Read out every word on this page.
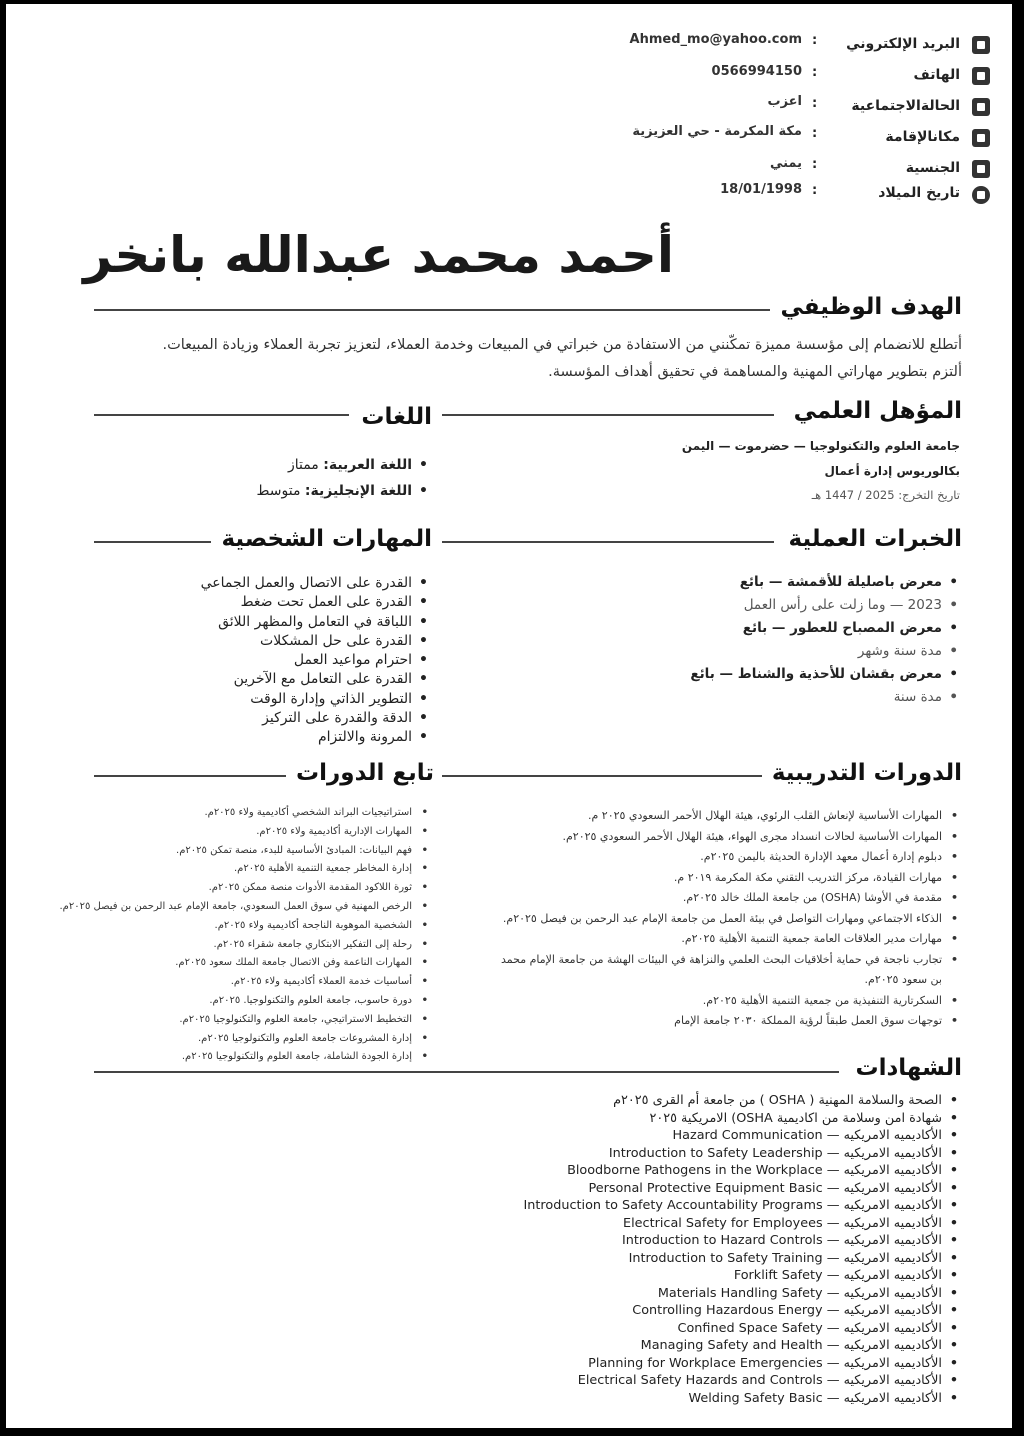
البريد الإلكتروني
:
Ahmed_mo@yahoo.com
الهاتف
:
0566994150
الحالةالاجتماعية
:
اعزب
مكانالإقامة
:
مكة المكرمة - حي العزيزية
الجنسية
:
يمني
تاريخ الميلاد
:
18/01/1998
أحمد محمد عبدالله بانخر
الهدف الوظيفي
أتطلع للانضمام إلى مؤسسة مميزة تمكّنني من الاستفادة من خبراتي في المبيعات وخدمة العملاء، لتعزيز تجربة العملاء وزيادة المبيعات. ألتزم بتطوير مهاراتي المهنية والمساهمة في تحقيق أهداف المؤسسة.
المؤهل العلمي
جامعة العلوم والتكنولوجيا — حضرموت — اليمن
بكالوريوس إدارة أعمال
تاريخ التخرج: 2025 / 1447 هـ
اللغات
• اللغة العربية: ممتاز
• اللغة الإنجليزية: متوسط
الخبرات العملية
• معرض باصليلة للأقمشة — بائع
• 2023 — وما زلت على رأس العمل
• معرض المصباح للعطور — بائع
• مدة سنة وشهر
• معرض بقشان للأحذية والشناط — بائع
• مدة سنة
المهارات الشخصية
• القدرة على الاتصال والعمل الجماعي
• القدرة على العمل تحت ضغط
• اللباقة في التعامل والمظهر اللائق
• القدرة على حل المشكلات
• احترام مواعيد العمل
• القدرة على التعامل مع الآخرين
• التطوير الذاتي وإدارة الوقت
• الدقة والقدرة على التركيز
• المرونة والالتزام
الدورات التدريبية
• المهارات الأساسية لإنعاش القلب الرئوي، هيئة الهلال الأحمر السعودي ٢٠٢٥ م.
• المهارات الأساسية لحالات انسداد مجرى الهواء، هيئة الهلال الأحمر السعودي ٢٠٢٥م.
• دبلوم إدارة أعمال معهد الإدارة الحديثة باليمن ٢٠٢٥م.
• مهارات القيادة، مركز التدريب التقني مكة المكرمة ٢٠١٩ م.
• مقدمة في الأوشا (OSHA) من جامعة الملك خالد ٢٠٢٥م.
• الذكاء الاجتماعي ومهارات التواصل في بيئة العمل من جامعة الإمام عبد الرحمن بن فيصل ٢٠٢٥م.
• مهارات مدير العلاقات العامة جمعية التنمية الأهلية ٢٠٢٥م.
• تجارب ناجحة في حماية أخلاقيات البحث العلمي والنزاهة في البيئات الهشة من جامعة الإمام محمد
بن سعود ٢٠٢٥م.
• السكرتارية التنفيذية من جمعية التنمية الأهلية ٢٠٢٥م.
• توجهات سوق العمل طبقاً لرؤية المملكة ٢٠٣٠ جامعة الإمام
تابع الدورات
• استراتيجيات البراند الشخصي أكاديمية ولاء ٢٠٢٥م.
• المهارات الإدارية أكاديمية ولاء ٢٠٢٥م.
• فهم البيانات: المبادئ الأساسية للبدء، منصة تمكن ٢٠٢٥م.
• إدارة المخاطر جمعية التنمية الأهلية ٢٠٢٥م.
• ثورة اللاكود المقدمة الأدوات منصة ممكن ٢٠٢٥م.
• الرخص المهنية في سوق العمل السعودي، جامعة الإمام عبد الرحمن بن فيصل ٢٠٢٥م.
• الشخصية الموهوبة الناجحة أكاديمية ولاء ٢٠٢٥م.
• رحلة إلى التفكير الابتكاري جامعة شقراء ٢٠٢٥م.
• المهارات الناعمة وفن الاتصال جامعة الملك سعود ٢٠٢٥م.
• أساسيات خدمة العملاء أكاديمية ولاء ٢٠٢٥م.
• دورة حاسوب، جامعة العلوم والتكنولوجيا. ٢٠٢٥م.
• التخطيط الاستراتيجي، جامعة العلوم والتكنولوجيا ٢٠٢٥م.
• إدارة المشروعات جامعة العلوم والتكنولوجيا ٢٠٢٥م.
• إدارة الجودة الشاملة، جامعة العلوم والتكنولوجيا ٢٠٢٥م.	الشهادات
• الصحة والسلامة المهنية ( OSHA ) من جامعة أم القرى ٢٠٢٥م
• شهادة امن وسلامة من اكاديمية OSHA) الامريكية ٢٠٢٥
• الأكاديميه الامريكيه — Hazard Communication
• الأكاديميه الامريكيه — Introduction to Safety Leadership
• الأكاديميه الامريكيه — Bloodborne Pathogens in the Workplace
• الأكاديميه الامريكيه — Personal Protective Equipment Basic
• الأكاديميه الامريكيه — Introduction to Safety Accountability Programs
• الأكاديميه الامريكيه — Electrical Safety for Employees
• الأكاديميه الامريكيه — Introduction to Hazard Controls
• الأكاديميه الامريكيه — Introduction to Safety Training
• الأكاديميه الامريكيه — Forklift Safety
• الأكاديميه الامريكيه — Materials Handling Safety
• الأكاديميه الامريكيه — Controlling Hazardous Energy
• الأكاديميه الامريكيه — Confined Space Safety
• الأكاديميه الامريكيه — Managing Safety and Health
• الأكاديميه الامريكيه — Planning for Workplace Emergencies
• الأكاديميه الامريكيه — Electrical Safety Hazards and Controls
• الأكاديميه الامريكيه — Welding Safety Basic
